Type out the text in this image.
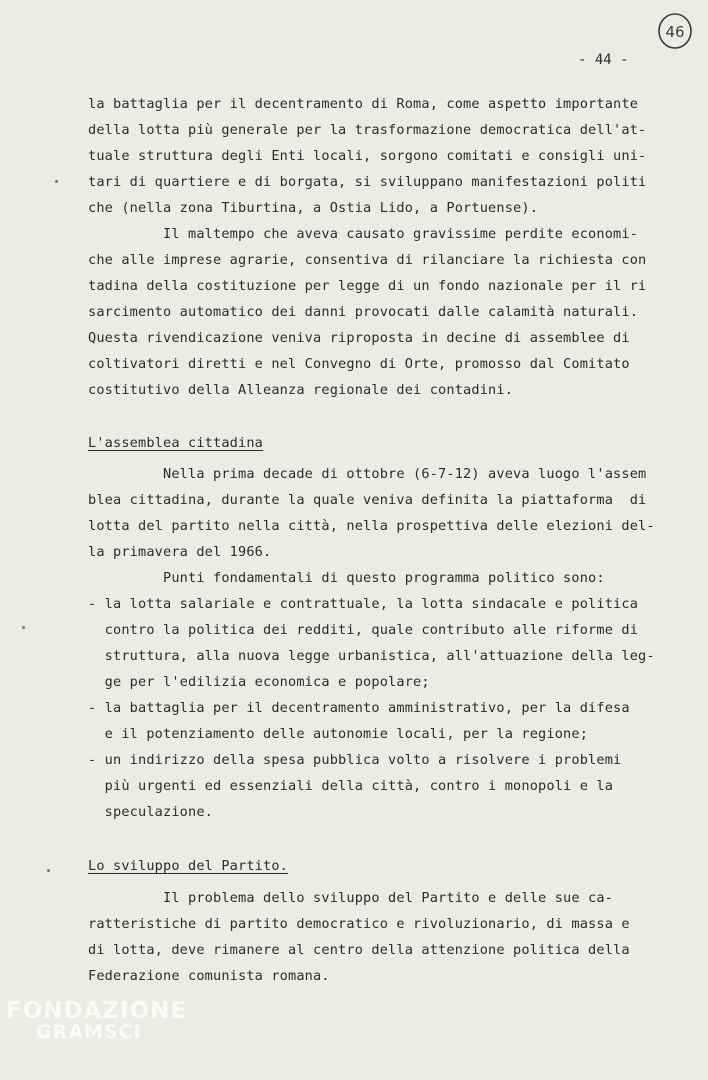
46
- 44 -

la battaglia per il decentramento di Roma, come aspetto importante

della lotta più generale per la trasformazione democratica dell'at-

tuale struttura degli Enti locali, sorgono comitati e consigli uni-

tari di quartiere e di borgata, si sviluppano manifestazioni politi

che (nella zona Tiburtina, a Ostia Lido, a Portuense).

Il maltempo che aveva causato gravissime perdite economi-

che alle imprese agrarie, consentiva di rilanciare la richiesta con

tadina della costituzione per legge di un fondo nazionale per il ri

sarcimento automatico dei danni provocati dalle calamità naturali.

Questa rivendicazione veniva riproposta in decine di assemblee di

coltivatori diretti e nel Convegno di Orte, promosso dal Comitato

costitutivo della Alleanza regionale dei contadini.

L'assemblea cittadina

Nella prima decade di ottobre (6-7-12) aveva luogo l'assem

blea cittadina, durante la quale veniva definita la piattaforma  di

lotta del partito nella città, nella prospettiva delle elezioni del-

la primavera del 1966.

Punti fondamentali di questo programma politico sono:

- la lotta salariale e contrattuale, la lotta sindacale e politica

contro la politica dei redditi, quale contributo alle riforme di

struttura, alla nuova legge urbanistica, all'attuazione della leg-

ge per l'edilizia economica e popolare;

- la battaglia per il decentramento amministrativo, per la difesa

e il potenziamento delle autonomie locali, per la regione;

- un indirizzo della spesa pubblica volto a risolvere i problemi

più urgenti ed essenziali della città, contro i monopoli e la

speculazione.

Lo sviluppo del Partito.

Il problema dello sviluppo del Partito e delle sue ca-

ratteristiche di partito democratico e rivoluzionario, di massa e

di lotta, deve rimanere al centro della attenzione politica della

Federazione comunista romana.

FONDAZIONE
GRAMSCI
